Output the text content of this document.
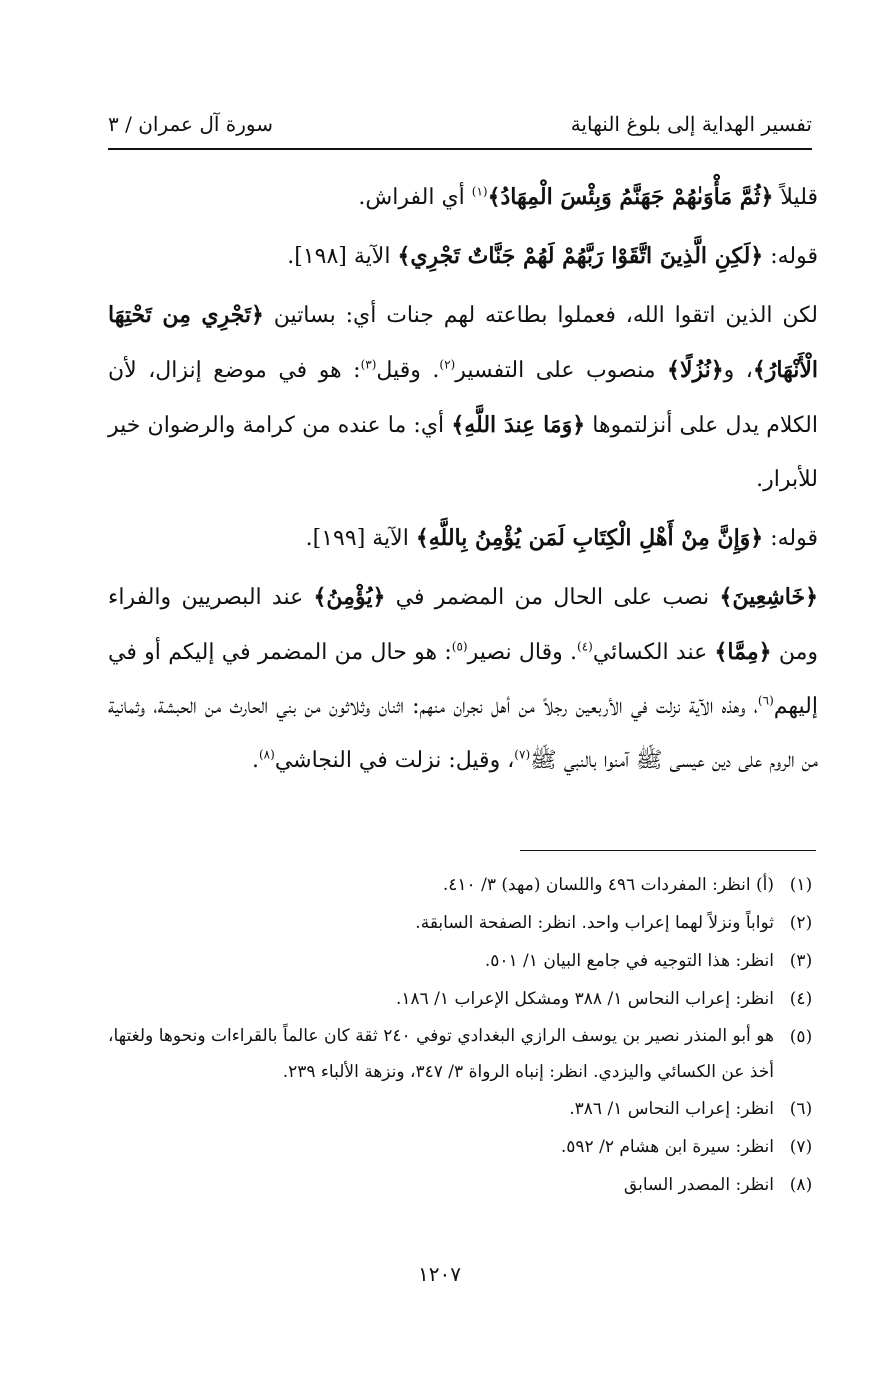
سورة آل عمران / ٣	تفسير الهداية إلى بلوغ النهاية

قليلاً ﴿ثُمَّ مَأْوَىٰهُمْ جَهَنَّمُ وَبِئْسَ الْمِهَادُ﴾$^{(١)}$ أي الفراش.

قوله: ﴿لَكِنِ الَّذِينَ اتَّقَوْا رَبَّهُمْ لَهُمْ جَنَّاتٌ تَجْرِي﴾ الآية [١٩٨].

لكن الذين اتقوا الله، فعملوا بطاعته لهم جنات أي: بساتين ﴿تَجْرِي مِن تَحْتِهَا الْأَنْهَارُ﴾، و﴿نُزُلًا﴾ منصوب على التفسير$^{(٢)}$. وقيل$^{(٣)}$: هو في موضع إنزال، لأن الكلام يدل على أنزلتموها ﴿وَمَا عِندَ اللَّهِ﴾ أي: ما عنده من كرامة والرضوان خير للأبرار.

قوله: ﴿وَإِنَّ مِنْ أَهْلِ الْكِتَابِ لَمَن يُؤْمِنُ بِاللَّهِ﴾ الآية [١٩٩].

﴿خَاشِعِينَ﴾ نصب على الحال من المضمر في ﴿يُؤْمِنُ﴾ عند البصريين والفراء ومن ﴿مِمَّا﴾ عند الكسائي$^{(٤)}$. وقال نصير$^{(٥)}$: هو حال من المضمر في إليكم أو في إليهم$^{(٦)}$، وهذه الآية نزلت في الأربعين رجلاً من أهل نجران منهم: اثنان وثلاثون من بني الحارث من الحبشة، وثمانية من الروم على دين عيسى ﷺ آمنوا بالنبي ﷺ$^{(٧)}$، وقيل: نزلت في النجاشي$^{(٨)}$.

(١)
(أ) انظر: المفردات ٤٩٦ واللسان (مهد) ٣/ ٤١٠.
(٢)
ثواباً ونزلاً لهما إعراب واحد. انظر: الصفحة السابقة.
(٣)
انظر: هذا التوجيه في جامع البيان ١/ ٥٠١.
(٤)
انظر: إعراب النحاس ١/ ٣٨٨ ومشكل الإعراب ١/ ١٨٦.
(٥)
هو أبو المنذر نصير بن يوسف الرازي البغدادي توفي ٢٤٠ ثقة كان عالماً بالقراءات ونحوها ولغتها، أخذ عن الكسائي واليزدي. انظر: إنباه الرواة ٣/ ٣٤٧، ونزهة الألباء ٢٣٩.
(٦)
انظر: إعراب النحاس ١/ ٣٨٦.
(٧)
انظر: سيرة ابن هشام ٢/ ٥٩٢.
(٨)
انظر: المصدر السابق
١٢٠٧
